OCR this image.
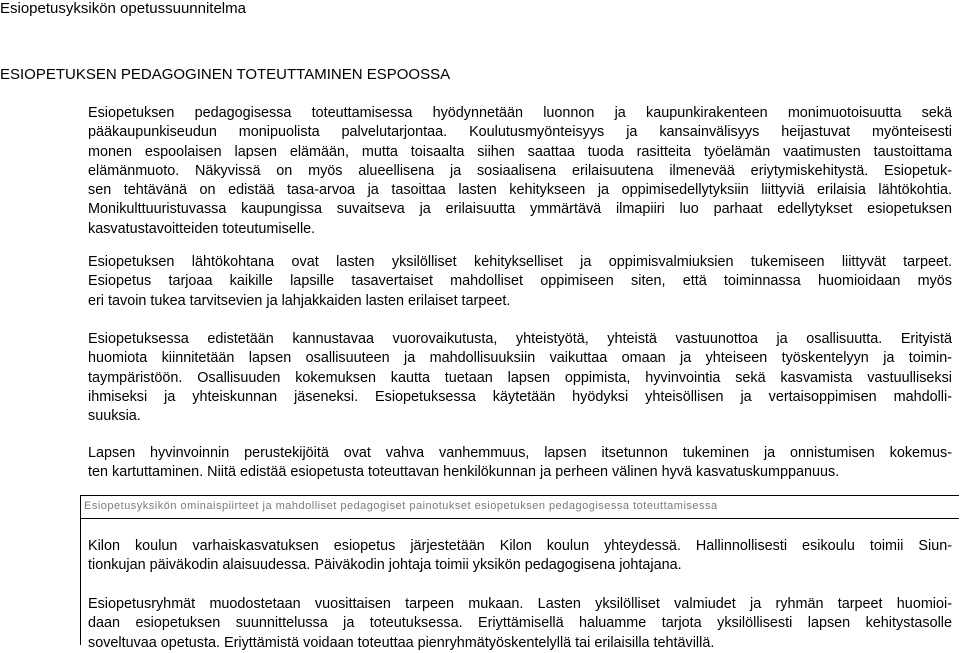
Esiopetusyksikön opetussuunnitelma
ESIOPETUKSEN PEDAGOGINEN TOTEUTTAMINEN ESPOOSSA
Esiopetuksen pedagogisessa toteuttamisessa hyödynnetään luonnon ja kaupunkirakenteen monimuotoisuutta sekä
pääkaupunkiseudun monipuolista palvelutarjontaa. Koulutusmyönteisyys ja kansainvälisyys heijastuvat myönteisesti
monen espoolaisen lapsen elämään, mutta toisaalta siihen saattaa tuoda rasitteita työelämän vaatimusten taustoittama
elämänmuoto. Näkyvissä on myös alueellisena ja sosiaalisena erilaisuutena ilmenevää eriytymiskehitystä. Esiopetuk-
sen tehtävänä on edistää tasa-arvoa ja tasoittaa lasten kehitykseen ja oppimisedellytyksiin liittyviä erilaisia lähtökohtia.
Monikulttuuristuvassa kaupungissa suvaitseva ja erilaisuutta ymmärtävä ilmapiiri luo parhaat edellytykset esiopetuksen
kasvatustavoitteiden toteutumiselle.
Esiopetuksen lähtökohtana ovat lasten yksilölliset kehitykselliset ja oppimisvalmiuksien tukemiseen liittyvät tarpeet.
Esiopetus tarjoaa kaikille lapsille tasavertaiset mahdolliset oppimiseen siten, että toiminnassa huomioidaan myös
eri tavoin tukea tarvitsevien ja lahjakkaiden lasten erilaiset tarpeet.
Esiopetuksessa edistetään kannustavaa vuorovaikutusta, yhteistyötä, yhteistä vastuunottoa ja osallisuutta. Erityistä
huomiota kiinnitetään lapsen osallisuuteen ja mahdollisuuksiin vaikuttaa omaan ja yhteiseen työskentelyyn ja toimin-
taympäristöön. Osallisuuden kokemuksen kautta tuetaan lapsen oppimista, hyvinvointia sekä kasvamista vastuulliseksi
ihmiseksi ja yhteiskunnan jäseneksi. Esiopetuksessa käytetään hyödyksi yhteisöllisen ja vertaisoppimisen mahdolli-
suuksia.
Lapsen hyvinvoinnin perustekijöitä ovat vahva vanhemmuus, lapsen itsetunnon tukeminen ja onnistumisen kokemus-
ten kartuttaminen. Niitä edistää esiopetusta toteuttavan henkilökunnan ja perheen välinen hyvä kasvatuskumppanuus.
Esiopetusyksikön ominaispiirteet ja mahdolliset pedagogiset painotukset esiopetuksen pedagogisessa toteuttamisessa
Kilon koulun varhaiskasvatuksen esiopetus järjestetään Kilon koulun yhteydessä. Hallinnollisesti esikoulu toimii Siun-
tionkujan päiväkodin alaisuudessa. Päiväkodin johtaja toimii yksikön pedagogisena johtajana.
Esiopetusryhmät muodostetaan vuosittaisen tarpeen mukaan. Lasten yksilölliset valmiudet ja ryhmän tarpeet huomioi-
daan esiopetuksen suunnittelussa ja toteutuksessa. Eriyttämisellä haluamme tarjota yksilöllisesti lapsen kehitystasolle
soveltuvaa opetusta. Eriyttämistä voidaan toteuttaa pienryhmätyöskentelyllä tai erilaisilla tehtävillä.
